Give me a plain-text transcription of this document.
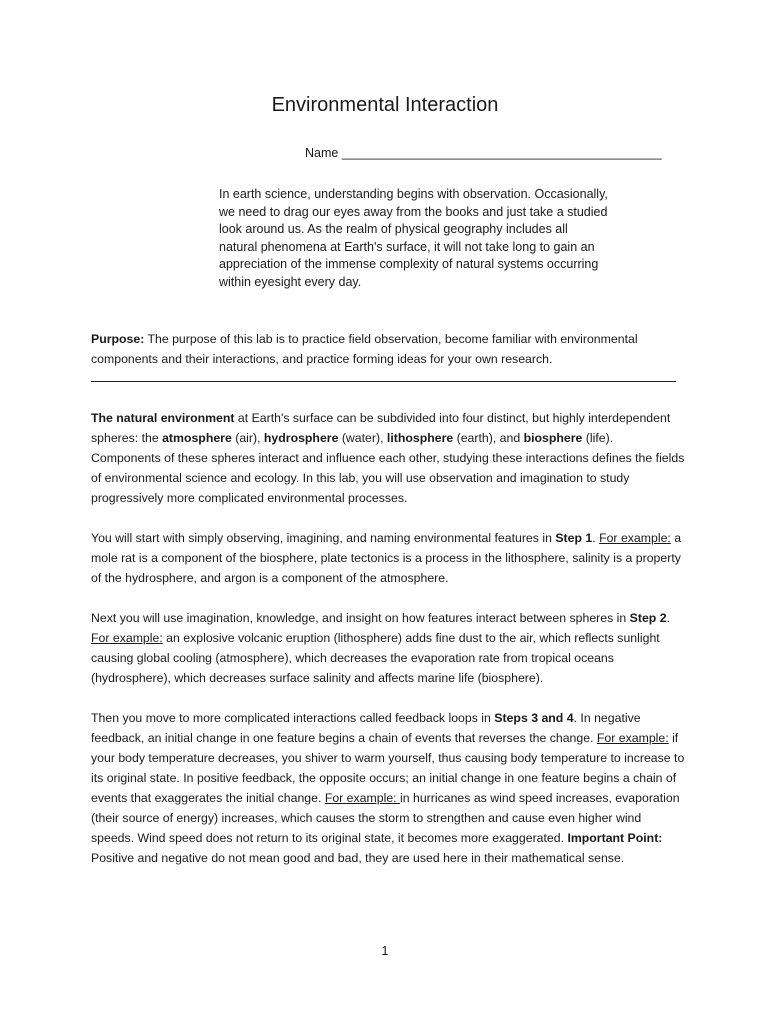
Environmental Interaction
Name ______________________________________________

In earth science, understanding begins with observation. Occasionally, we need to drag our eyes away from the books and just take a studied look around us. As the realm of physical geography includes all natural phenomena at Earth's surface, it will not take long to gain an appreciation of the immense complexity of natural systems occurring within eyesight every day.

Purpose: The purpose of this lab is to practice field observation, become familiar with environmental components and their interactions, and practice forming ideas for your own research.

The natural environment at Earth's surface can be subdivided into four distinct, but highly interdependent spheres: the atmosphere (air), hydrosphere (water), lithosphere (earth), and biosphere (life). Components of these spheres interact and influence each other, studying these interactions defines the fields of environmental science and ecology. In this lab, you will use observation and imagination to study progressively more complicated environmental processes.

You will start with simply observing, imagining, and naming environmental features in Step 1. For example: a mole rat is a component of the biosphere, plate tectonics is a process in the lithosphere, salinity is a property of the hydrosphere, and argon is a component of the atmosphere.

Next you will use imagination, knowledge, and insight on how features interact between spheres in Step 2. For example: an explosive volcanic eruption (lithosphere) adds fine dust to the air, which reflects sunlight causing global cooling (atmosphere), which decreases the evaporation rate from tropical oceans (hydrosphere), which decreases surface salinity and affects marine life (biosphere).

Then you move to more complicated interactions called feedback loops in Steps 3 and 4. In negative feedback, an initial change in one feature begins a chain of events that reverses the change. For example: if your body temperature decreases, you shiver to warm yourself, thus causing body temperature to increase to its original state. In positive feedback, the opposite occurs; an initial change in one feature begins a chain of events that exaggerates the initial change. For example: in hurricanes as wind speed increases, evaporation (their source of energy) increases, which causes the storm to strengthen and cause even higher wind speeds. Wind speed does not return to its original state, it becomes more exaggerated. Important Point: Positive and negative do not mean good and bad, they are used here in their mathematical sense.

1
